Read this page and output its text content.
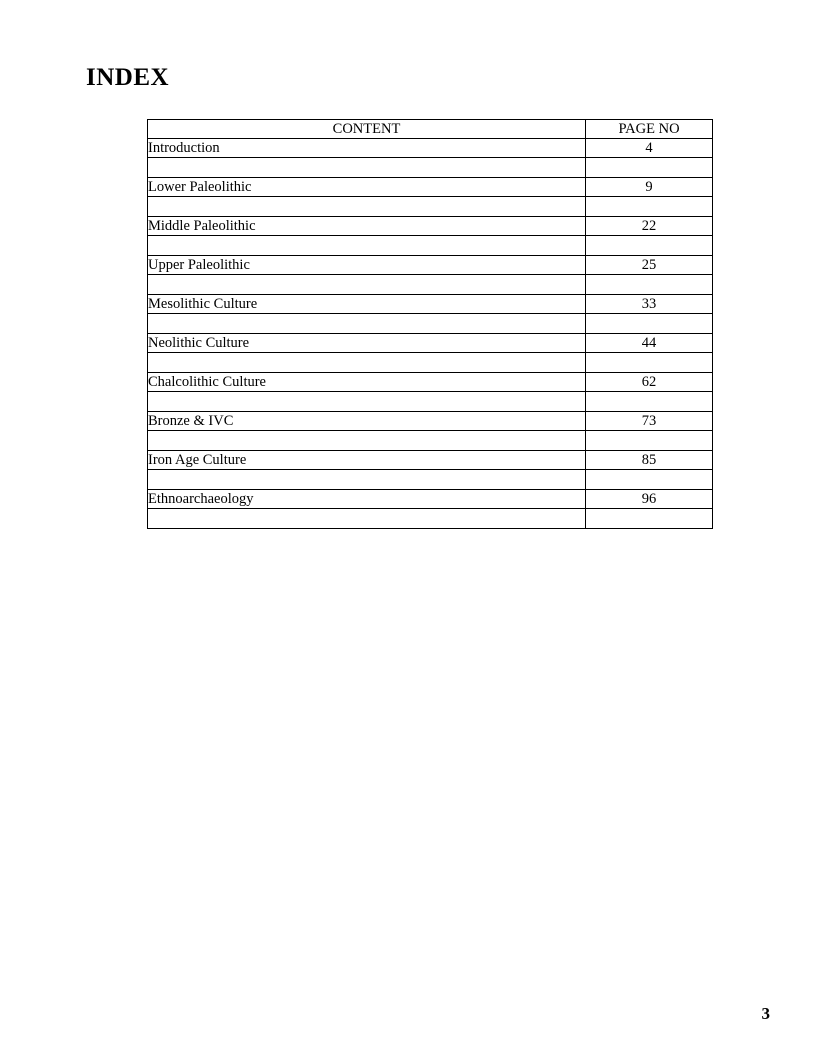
INDEX
CONTENT	PAGE NO
Introduction	4

Lower Paleolithic	9

Middle Paleolithic	22

Upper Paleolithic	25

Mesolithic Culture	33

Neolithic Culture	44

Chalcolithic Culture	62

Bronze & IVC	73

Iron Age Culture	85

Ethnoarchaeology	96

3
